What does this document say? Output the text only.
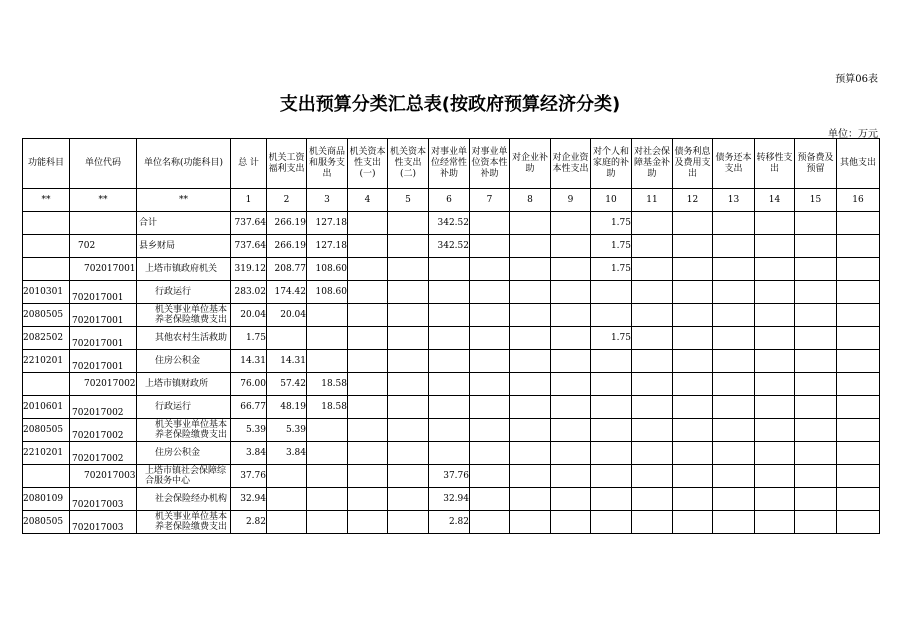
预算06表
支出预算分类汇总表(按政府预算经济分类)
单位：万元
功能科目	单位代码	单位名称(功能科目)	总 计	机关工资福利支出	机关商品和服务支出	机关资本性支出(一)	机关资本性支出(二)	对事业单位经常性补助	对事业单位资本性补助	对企业补助	对企业资本性支出	对个人和家庭的补助	对社会保障基金补助	债务利息及费用支出	债务还本支出	转移性支出	预备费及预留	其他支出
**	**	**	1	2	3	4	5	6	7	8	9	10	11	12	13	14	15	16
		合计	737.64	266.19	127.18			342.52				1.75						
	702	县乡财局	737.64	266.19	127.18			342.52				1.75						
	702017001	上塔市镇政府机关	319.12	208.77	108.60							1.75						
2010301	702017001	行政运行	283.02	174.42	108.60													
2080505	702017001	机关事业单位基本养老保险缴费支出	20.04	20.04														
2082502	702017001	其他农村生活救助	1.75									1.75						
2210201	702017001	住房公积金	14.31	14.31														
	702017002	上塔市镇财政所	76.00	57.42	18.58													
2010601	702017002	行政运行	66.77	48.19	18.58													
2080505	702017002	机关事业单位基本养老保险缴费支出	5.39	5.39														
2210201	702017002	住房公积金	3.84	3.84														
	702017003	上塔市镇社会保障综合服务中心	37.76					37.76										
2080109	702017003	社会保险经办机构	32.94					32.94										
2080505	702017003	机关事业单位基本养老保险缴费支出	2.82					2.82										
